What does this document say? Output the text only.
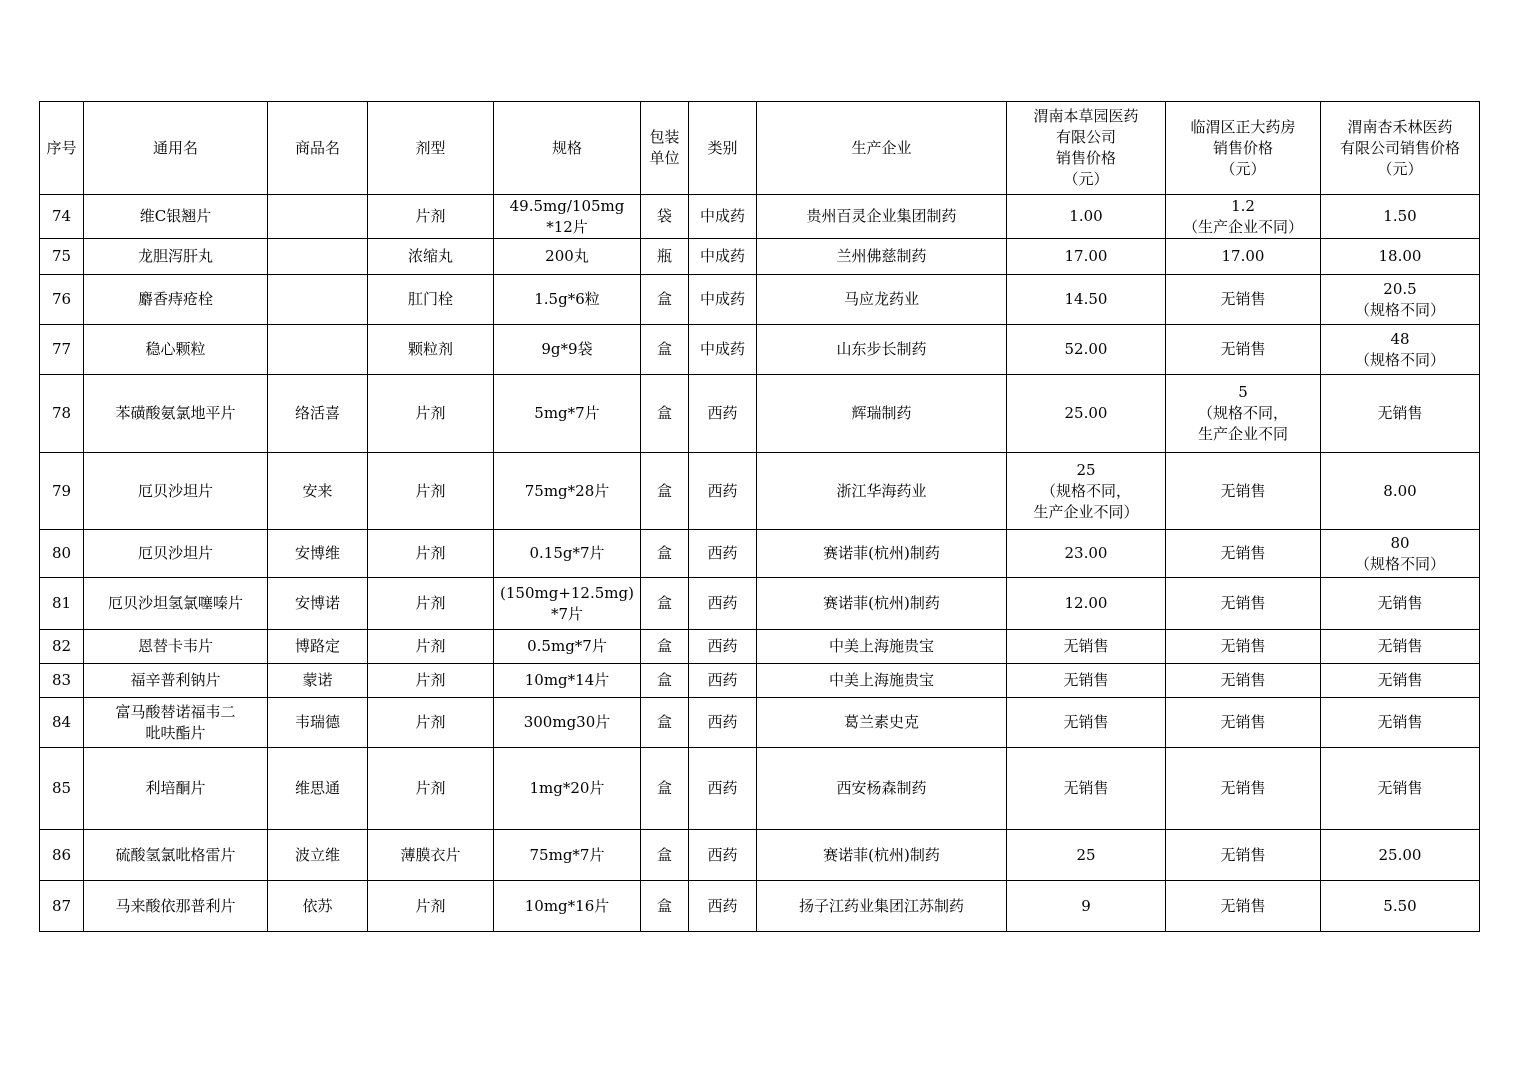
序号	通用名	商品名	剂型	规格	包装
单位	类别	生产企业	渭南本草园医药
有限公司
销售价格
（元）	临渭区正大药房
销售价格
（元）	渭南杏禾林医药
有限公司销售价格
（元）
74	维C银翘片		片剂	49.5mg/105mg
*12片	袋	中成药	贵州百灵企业集团制药	1.00	1.2
（生产企业不同）	1.50
75	龙胆泻肝丸		浓缩丸	200丸	瓶	中成药	兰州佛慈制药	17.00	17.00	18.00
76	麝香痔疮栓		肛门栓	1.5g*6粒	盒	中成药	马应龙药业	14.50	无销售	20.5
（规格不同）
77	稳心颗粒		颗粒剂	9g*9袋	盒	中成药	山东步长制药	52.00	无销售	48
（规格不同）
78	苯磺酸氨氯地平片	络活喜	片剂	5mg*7片	盒	西药	辉瑞制药	25.00	5
（规格不同，
生产企业不同	无销售
79	厄贝沙坦片	安来	片剂	75mg*28片	盒	西药	浙江华海药业	25
（规格不同，
生产企业不同）	无销售	8.00
80	厄贝沙坦片	安博维	片剂	0.15g*7片	盒	西药	赛诺菲(杭州)制药	23.00	无销售	80
（规格不同）
81	厄贝沙坦氢氯噻嗪片	安博诺	片剂	(150mg+12.5mg)
*7片	盒	西药	赛诺菲(杭州)制药	12.00	无销售	无销售
82	恩替卡韦片	博路定	片剂	0.5mg*7片	盒	西药	中美上海施贵宝	无销售	无销售	无销售
83	福辛普利钠片	蒙诺	片剂	10mg*14片	盒	西药	中美上海施贵宝	无销售	无销售	无销售
84	富马酸替诺福韦二
吡呋酯片	韦瑞德	片剂	300mg30片	盒	西药	葛兰素史克	无销售	无销售	无销售
85	利培酮片	维思通	片剂	1mg*20片	盒	西药	西安杨森制药	无销售	无销售	无销售
86	硫酸氢氯吡格雷片	波立维	薄膜衣片	75mg*7片	盒	西药	赛诺菲(杭州)制药	25	无销售	25.00
87	马来酸依那普利片	依苏	片剂	10mg*16片	盒	西药	扬子江药业集团江苏制药	9	无销售	5.50
